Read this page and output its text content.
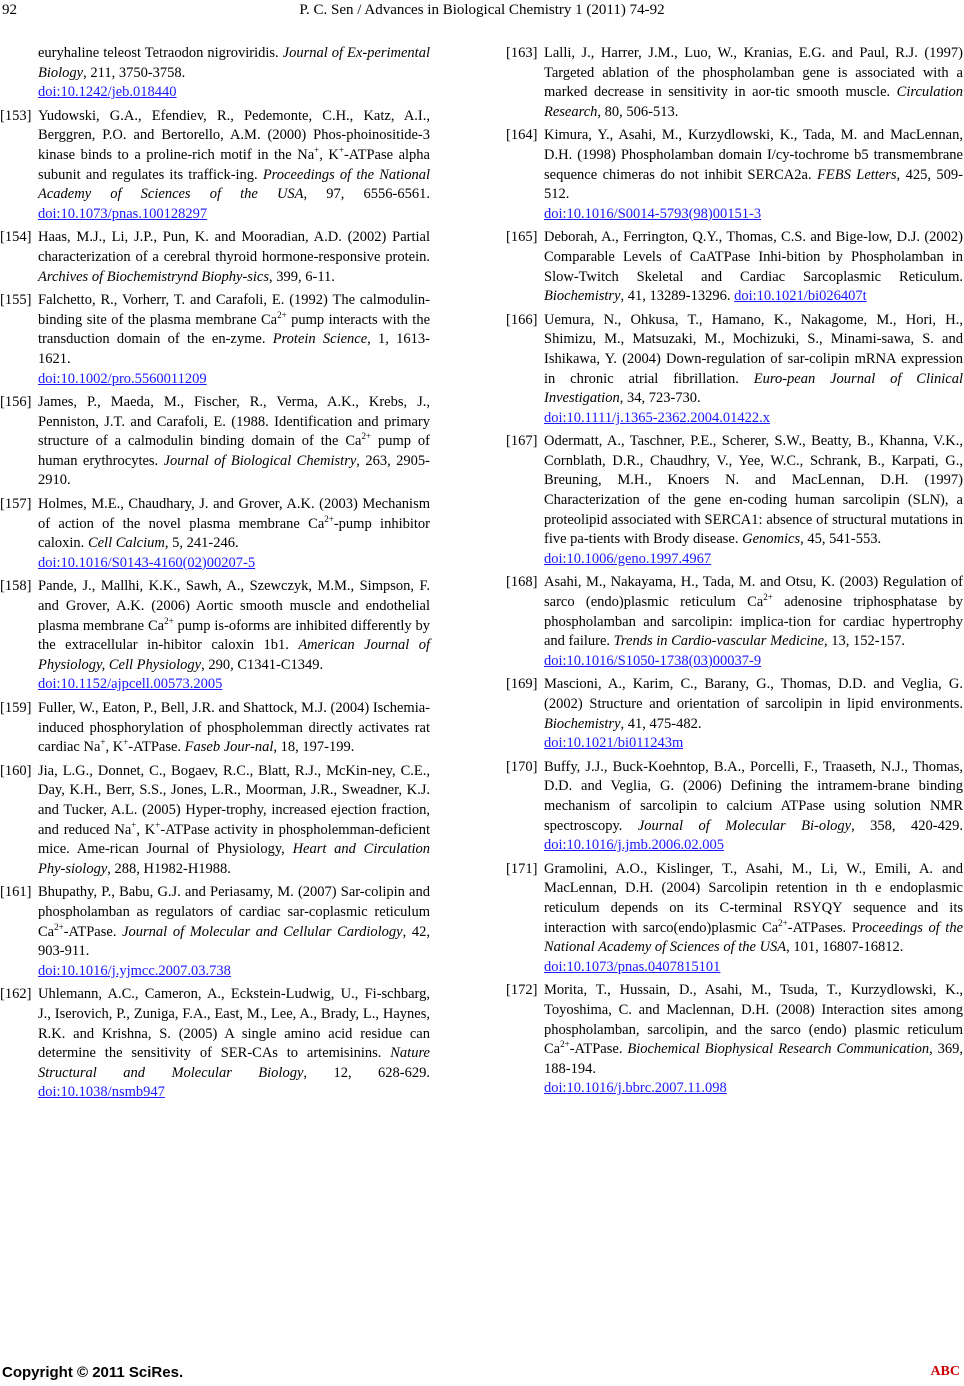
92	P. C. Sen / Advances in Biological Chemistry 1 (2011) 74-92
euryhaline teleost Tetraodon nigroviridis. Journal of Ex-perimental Biology, 211, 3750-3758.
doi:10.1242/jeb.018440
[153] Yudowski, G.A., Efendiev, R., Pedemonte, C.H., Katz, A.I., Berggren, P.O. and Bertorello, A.M. (2000) Phos-phoinositide-3 kinase binds to a proline-rich motif in the Na+, K+-ATPase alpha subunit and regulates its traffick-ing. Proceedings of the National Academy of Sciences of the USA, 97, 6556-6561. doi:10.1073/pnas.100128297
[154] Haas, M.J., Li, J.P., Pun, K. and Mooradian, A.D. (2002) Partial characterization of a cerebral thyroid hormone-responsive protein. Archives of Biochemistrynd Biophy-sics, 399, 6-11.
[155] Falchetto, R., Vorherr, T. and Carafoli, E. (1992) The calmodulin-binding site of the plasma membrane $Ca^{2+}$ pump interacts with the transduction domain of the en-zyme. Protein Science, 1, 1613-1621.
doi:10.1002/pro.5560011209
[156] James, P., Maeda, M., Fischer, R., Verma, A.K., Krebs, J., Penniston, J.T. and Carafoli, E. (1988. Identification and primary structure of a calmodulin binding domain of the $Ca^{2+}$ pump of human erythrocytes. Journal of Biological Chemistry, 263, 2905-2910.
[157] Holmes, M.E., Chaudhary, J. and Grover, A.K. (2003) Mechanism of action of the novel plasma membrane $Ca^{2+}$-pump inhibitor caloxin. Cell Calcium, 5, 241-246.
doi:10.1016/S0143-4160(02)00207-5
[158] Pande, J., Mallhi, K.K., Sawh, A., Szewczyk, M.M., Simpson, F. and Grover, A.K. (2006) Aortic smooth muscle and endothelial plasma membrane $Ca^{2+}$ pump is-oforms are inhibited differently by the extracellular in-hibitor caloxin 1b1. American Journal of Physiology, Cell Physiology, 290, C1341-C1349.
doi:10.1152/ajpcell.00573.2005
[159] Fuller, W., Eaton, P., Bell, J.R. and Shattock, M.J. (2004) Ischemia-induced phosphorylation of phospholemman directly activates rat cardiac Na+, K+-ATPase. Faseb Jour-nal, 18, 197-199.
[160] Jia, L.G., Donnet, C., Bogaev, R.C., Blatt, R.J., McKin-ney, C.E., Day, K.H., Berr, S.S., Jones, L.R., Moorman, J.R., Sweadner, K.J. and Tucker, A.L. (2005) Hyper-trophy, increased ejection fraction, and reduced Na+, K+-ATPase activity in phospholemman-deficient mice. Ame-rican Journal of Physiology, Heart and Circulation Phy-siology, 288, H1982-H1988.
[161] Bhupathy, P., Babu, G.J. and Periasamy, M. (2007) Sar-colipin and phospholamban as regulators of cardiac sar-coplasmic reticulum $Ca^{2+}$-ATPase. Journal of Molecular and Cellular Cardiology, 42, 903-911.
doi:10.1016/j.yjmcc.2007.03.738
[162] Uhlemann, A.C., Cameron, A., Eckstein-Ludwig, U., Fi-schbarg, J., Iserovich, P., Zuniga, F.A., East, M., Lee, A., Brady, L., Haynes, R.K. and Krishna, S. (2005) A single amino acid residue can determine the sensitivity of SER-CAs to artemisinins. Nature Structural and Molecular Biology, 12, 628-629. doi:10.1038/nsmb947
[163] Lalli, J., Harrer, J.M., Luo, W., Kranias, E.G. and Paul, R.J. (1997) Targeted ablation of the phospholamban gene is associated with a marked decrease in sensitivity in aor-tic smooth muscle. Circulation Research, 80, 506-513.
[164] Kimura, Y., Asahi, M., Kurzydlowski, K., Tada, M. and MacLennan, D.H. (1998) Phospholamban domain I/cy-tochrome b5 transmembrane sequence chimeras do not inhibit SERCA2a. FEBS Letters, 425, 509-512.
doi:10.1016/S0014-5793(98)00151-3
[165] Deborah, A., Ferrington, Q.Y., Thomas, C.S. and Bige-low, D.J. (2002) Comparable Levels of CaATPase Inhi-bition by Phospholamban in Slow-Twitch Skeletal and Cardiac Sarcoplasmic Reticulum. Biochemistry, 41, 13289-13296. doi:10.1021/bi026407t
[166] Uemura, N., Ohkusa, T., Hamano, K., Nakagome, M., Hori, H., Shimizu, M., Matsuzaki, M., Mochizuki, S., Minami-sawa, S. and Ishikawa, Y. (2004) Down-regulation of sar-colipin mRNA expression in chronic atrial fibrillation. Euro-pean Journal of Clinical Investigation, 34, 723-730.
doi:10.1111/j.1365-2362.2004.01422.x
[167] Odermatt, A., Taschner, P.E., Scherer, S.W., Beatty, B., Khanna, V.K., Cornblath, D.R., Chaudhry, V., Yee, W.C., Schrank, B., Karpati, G., Breuning, M.H., Knoers N. and MacLennan, D.H. (1997) Characterization of the gene en-coding human sarcolipin (SLN), a proteolipid associated with SERCA1: absence of structural mutations in five pa-tients with Brody disease. Genomics, 45, 541-553.
doi:10.1006/geno.1997.4967
[168] Asahi, M., Nakayama, H., Tada, M. and Otsu, K. (2003) Regulation of sarco (endo)plasmic reticulum $Ca^{2+}$ adenosine triphosphatase by phospholamban and sarcolipin: implica-tion for cardiac hypertrophy and failure. Trends in Cardio-vascular Medicine, 13, 152-157.
doi:10.1016/S1050-1738(03)00037-9
[169] Mascioni, A., Karim, C., Barany, G., Thomas, D.D. and Veglia, G. (2002) Structure and orientation of sarcolipin in lipid environments. Biochemistry, 41, 475-482.
doi:10.1021/bi011243m
[170] Buffy, J.J., Buck-Koehntop, B.A., Porcelli, F., Traaseth, N.J., Thomas, D.D. and Veglia, G. (2006) Defining the intramem-brane binding mechanism of sarcolipin to calcium ATPase using solution NMR spectroscopy. Journal of Molecular Bi-ology, 358, 420-429. doi:10.1016/j.jmb.2006.02.005
[171] Gramolini, A.O., Kislinger, T., Asahi, M., Li, W., Emili, A. and MacLennan, D.H. (2004) Sarcolipin retention in th e endoplasmic reticulum depends on its C-terminal RSYQY sequence and its interaction with sarco(endo)plasmic $Ca^{2+}$-ATPases. Proceedings of the National Academy of Sciences of the USA, 101, 16807-16812.
doi:10.1073/pnas.0407815101
[172] Morita, T., Hussain, D., Asahi, M., Tsuda, T., Kurzydlowski, K., Toyoshima, C. and Maclennan, D.H. (2008) Interaction sites among phospholamban, sarcolipin, and the sarco (endo) plasmic reticulum $Ca^{2+}$-ATPase. Biochemical Biophysical Research Communication, 369, 188-194.
doi:10.1016/j.bbrc.2007.11.098
Copyright © 2011 SciRes.	ABC
